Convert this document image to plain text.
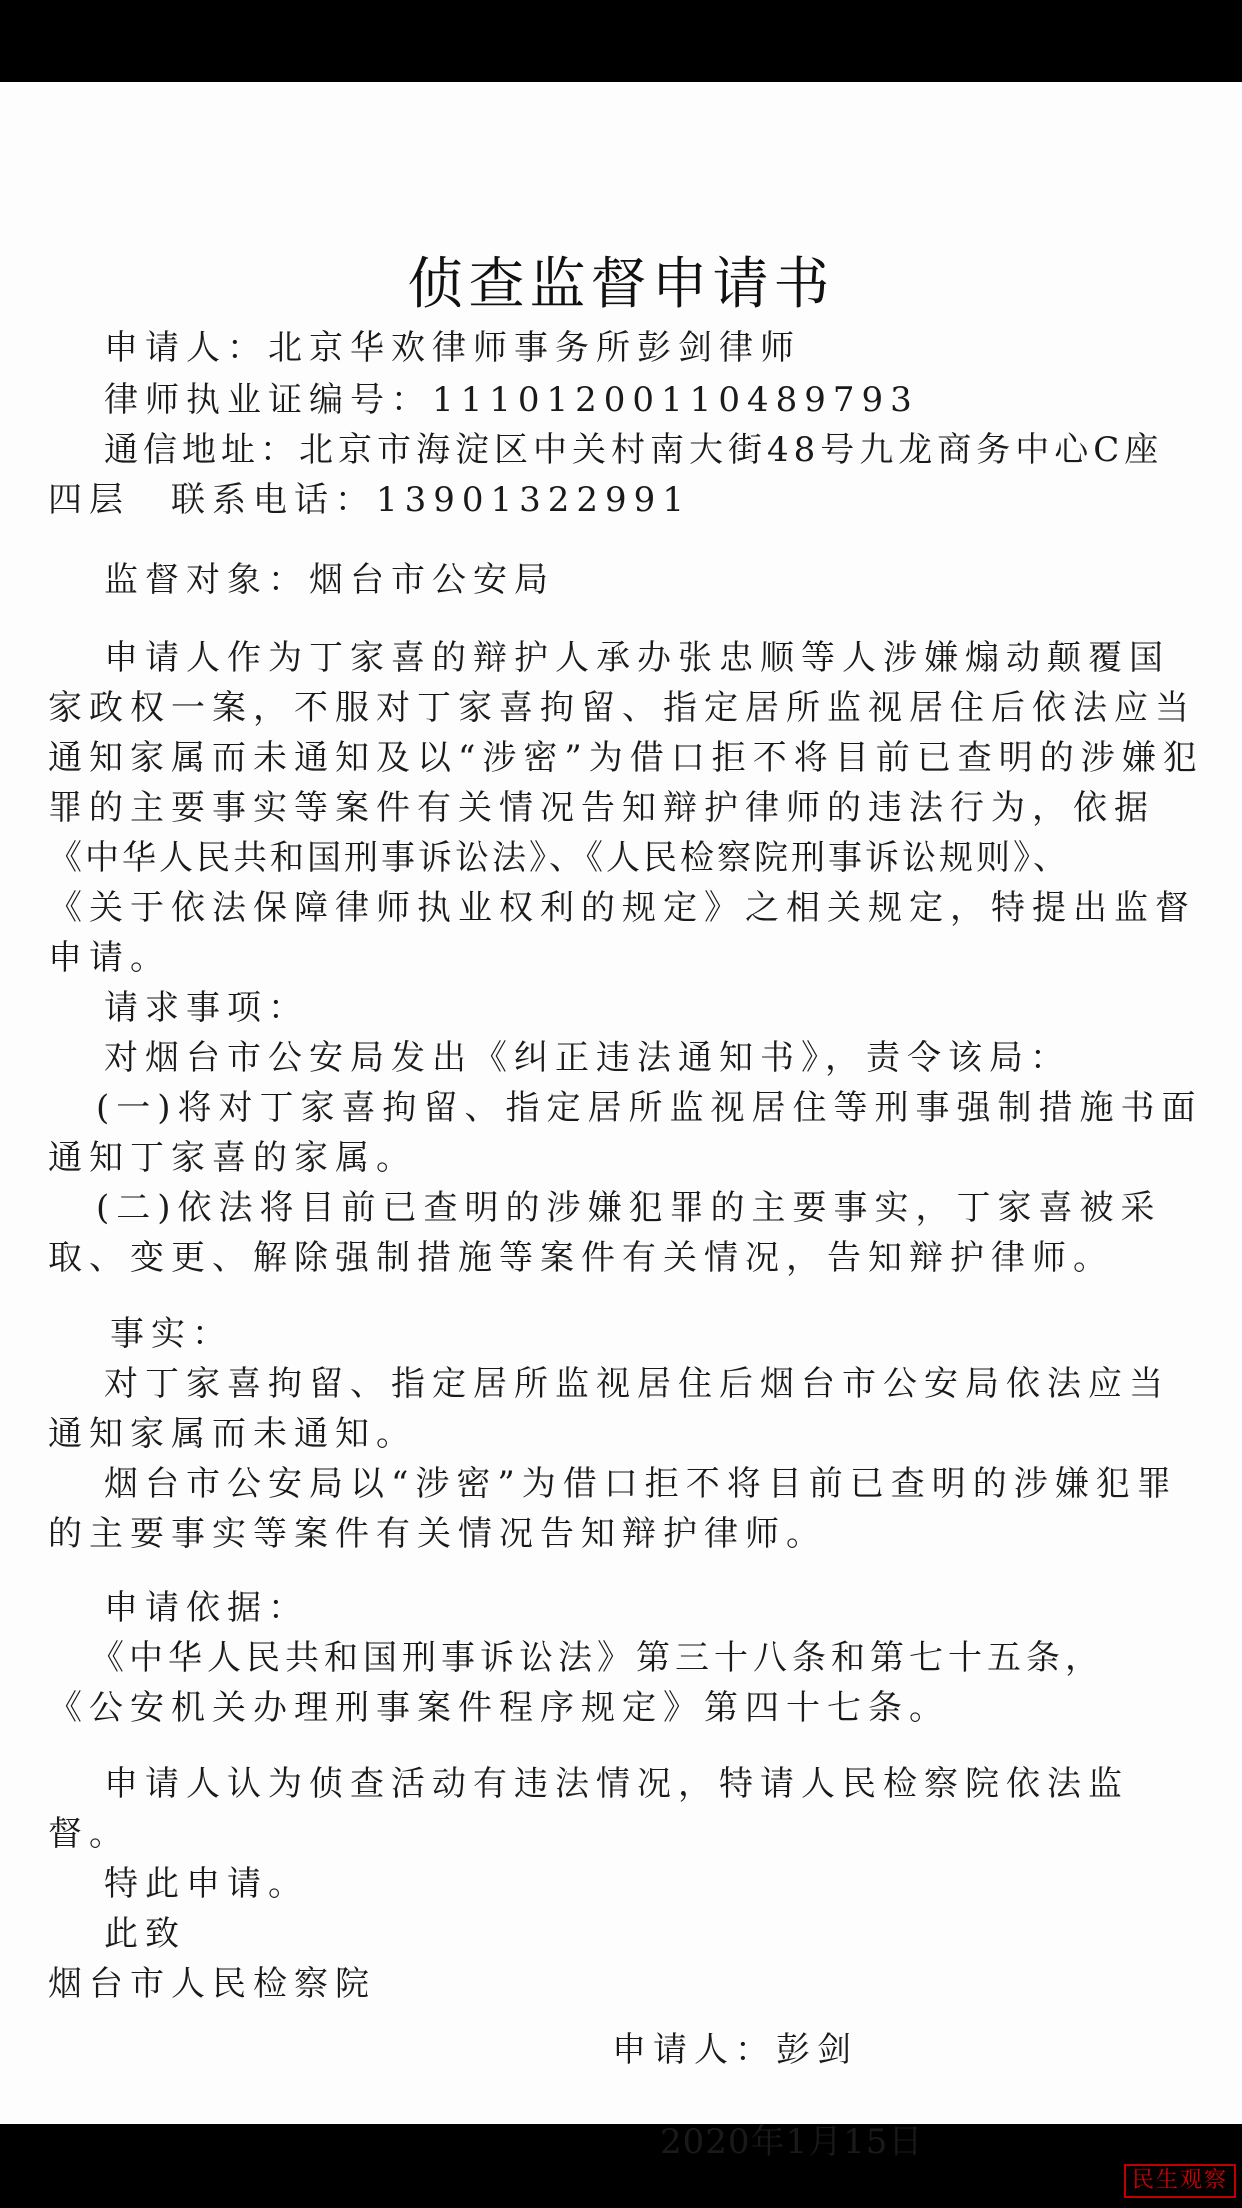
侦查监督申请书
申请人：北京华欢律师事务所彭剑律师
律师执业证编号：11101200110489793
通信地址：北京市海淀区中关村南大街48号九龙商务中心C座
四层　联系电话：13901322991
监督对象：烟台市公安局
申请人作为丁家喜的辩护人承办张忠顺等人涉嫌煽动颠覆国
家政权一案，不服对丁家喜拘留、指定居所监视居住后依法应当
通知家属而未通知及以“涉密”为借口拒不将目前已查明的涉嫌犯
罪的主要事实等案件有关情况告知辩护律师的违法行为，依据
《中华人民共和国刑事诉讼法》、《人民检察院刑事诉讼规则》、
《关于依法保障律师执业权利的规定》之相关规定，特提出监督
申请。
请求事项：
对烟台市公安局发出《纠正违法通知书》，责令该局：
(一)将对丁家喜拘留、指定居所监视居住等刑事强制措施书面
通知丁家喜的家属。
(二)依法将目前已查明的涉嫌犯罪的主要事实，丁家喜被采
取、变更、解除强制措施等案件有关情况，告知辩护律师。
事实：
对丁家喜拘留、指定居所监视居住后烟台市公安局依法应当
通知家属而未通知。
烟台市公安局以“涉密”为借口拒不将目前已查明的涉嫌犯罪
的主要事实等案件有关情况告知辩护律师。
申请依据：
《中华人民共和国刑事诉讼法》第三十八条和第七十五条，
《公安机关办理刑事案件程序规定》第四十七条。
申请人认为侦查活动有违法情况，特请人民检察院依法监
督。
特此申请。
此致
烟台市人民检察院
申请人：彭剑
2020年1月15日
民生观察
